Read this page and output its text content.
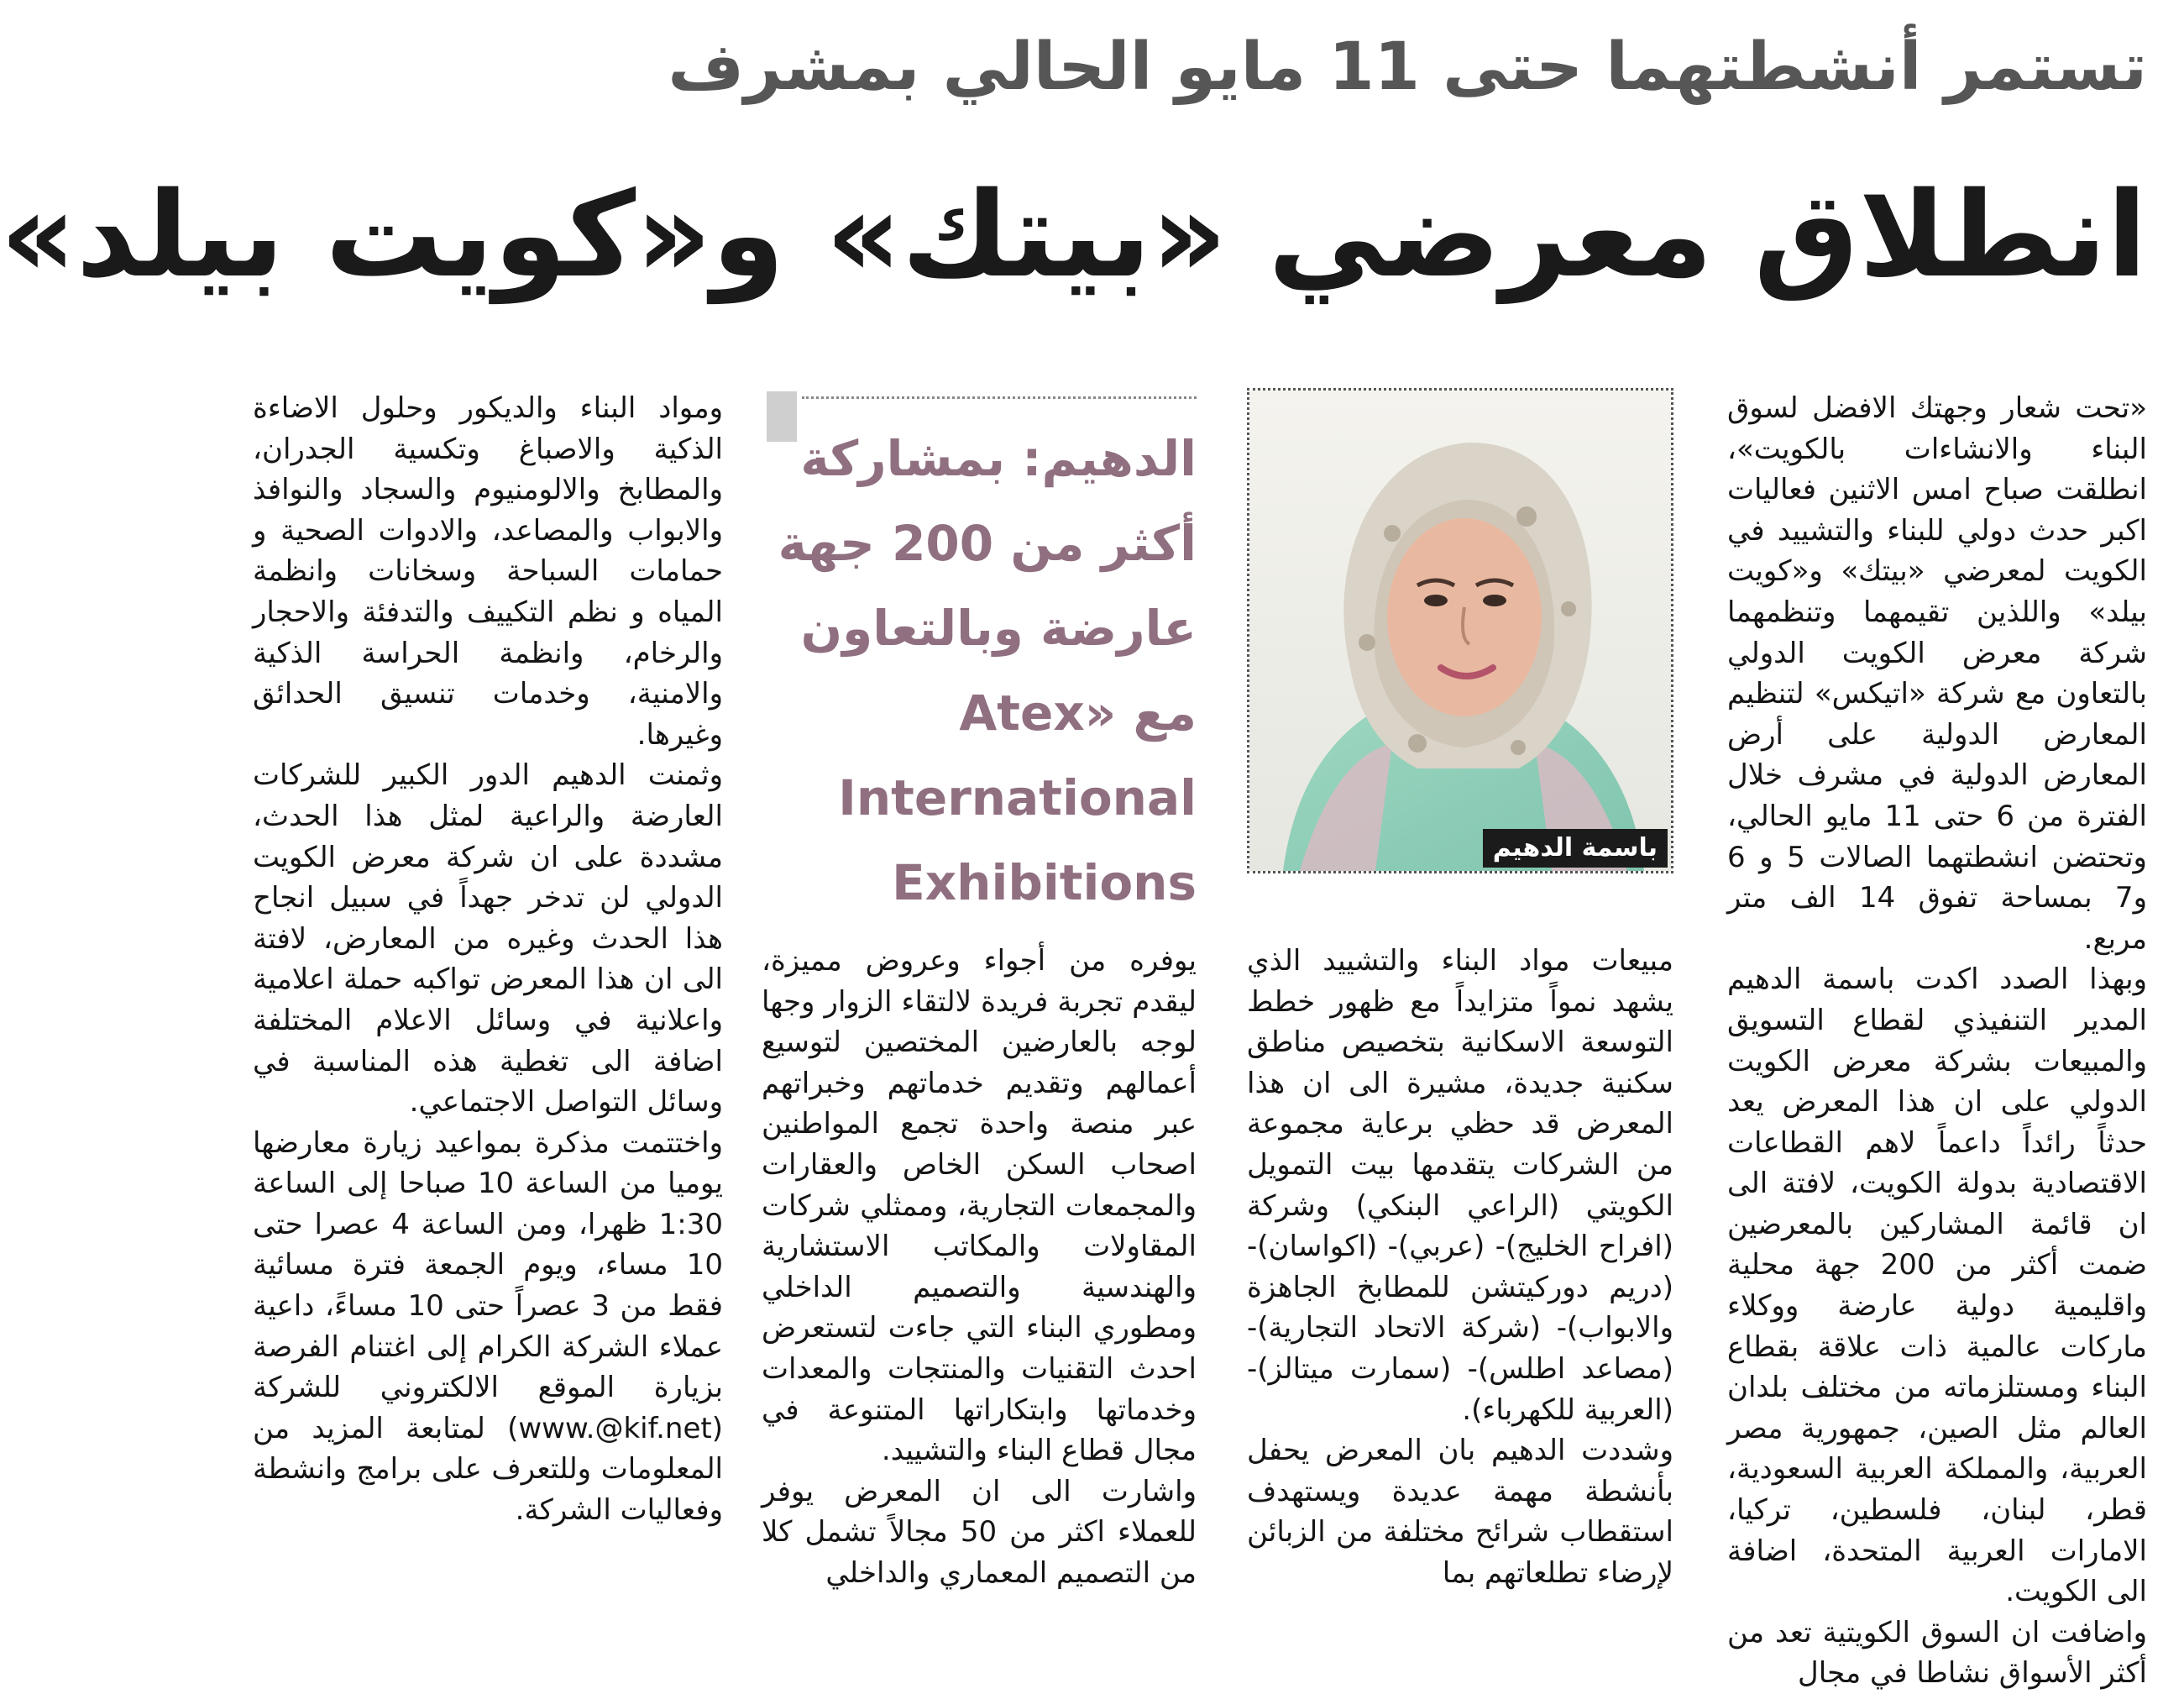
تستمر أنشطتهما حتى 11 مايو الحالي بمشرف
انطلاق معرضي «بيتك» و«كويت بيلد»

«تحت شعار وجهتك الافضل لسوق البناء والانشاءات بالكويت»، انطلقت صباح امس الاثنين فعاليات اكبر حدث دولي للبناء والتشييد في الكويت لمعرضي «بيتك» و«كويت بيلد» واللذين تقيمهما وتنظمهما شركة معرض الكويت الدولي بالتعاون مع شركة «اتيكس» لتنظيم المعارض الدولية على أرض المعارض الدولية في مشرف خلال الفترة من 6 حتى 11 مايو الحالي، وتحتضن انشطتهما الصالات 5 و 6 و7 بمساحة تفوق 14 الف متر مربع.

وبهذا الصدد اكدت باسمة الدهيم المدير التنفيذي لقطاع التسويق والمبيعات بشركة معرض الكويت الدولي على ان هذا المعرض يعد حدثاً رائداً داعماً لاهم القطاعات الاقتصادية بدولة الكويت، لافتة الى ان قائمة المشاركين بالمعرضين ضمت أكثر من 200 جهة محلية واقليمية دولية عارضة ووكلاء ماركات عالمية ذات علاقة بقطاع البناء ومستلزماته من مختلف بلدان العالم مثل الصين، جمهورية مصر العربية، والمملكة العربية السعودية، قطر، لبنان، فلسطين، تركيا، الامارات العربية المتحدة، اضافة الى الكويت.

واضافت ان السوق الكويتية تعد من أكثر الأسواق نشاطا في مجال

باسمة الدهيم
الدهيم: بمشاركة
أكثر من 200 جهة
عارضة وبالتعاون
مع «Atex
International
Exhibitions

مبيعات مواد البناء والتشييد الذي يشهد نمواً متزايداً مع ظهور خطط التوسعة الاسكانية بتخصيص مناطق سكنية جديدة، مشيرة الى ان هذا المعرض قد حظي برعاية مجموعة من الشركات يتقدمها بيت التمويل الكويتي (الراعي البنكي) وشركة (افراح الخليج)- (عربي)- (اكواسان)-(دريم دوركيتشن للمطابخ الجاهزة والابواب)- (شركة الاتحاد التجارية)-(مصاعد اطلس)- (سمارت ميتالز)- (العربية للكهرباء).

وشددت الدهيم بان المعرض يحفل بأنشطة مهمة عديدة ويستهدف استقطاب شرائح مختلفة من الزبائن لإرضاء تطلعاتهم بما

يوفره من أجواء وعروض مميزة، ليقدم تجربة فريدة لالتقاء الزوار وجها لوجه بالعارضين المختصين لتوسيع أعمالهم وتقديم خدماتهم وخبراتهم عبر منصة واحدة تجمع المواطنين اصحاب السكن الخاص والعقارات والمجمعات التجارية، وممثلي شركات المقاولات والمكاتب الاستشارية والهندسية والتصميم الداخلي ومطوري البناء التي جاءت لتستعرض احدث التقنيات والمنتجات والمعدات وخدماتها وابتكاراتها المتنوعة في مجال قطاع البناء والتشييد.

واشارت الى ان المعرض يوفر للعملاء اكثر من 50 مجالاً تشمل كلا من التصميم المعماري والداخلي

ومواد البناء والديكور وحلول الاضاءة الذكية والاصباغ وتكسية الجدران، والمطابخ والالومنيوم والسجاد والنوافذ والابواب والمصاعد، والادوات الصحية و حمامات السباحة وسخانات وانظمة المياه و نظم التكييف والتدفئة والاحجار والرخام، وانظمة الحراسة الذكية والامنية، وخدمات تنسيق الحدائق وغيرها.

وثمنت الدهيم الدور الكبير للشركات العارضة والراعية لمثل هذا الحدث، مشددة على ان شركة معرض الكويت الدولي لن تدخر جهداً في سبيل انجاح هذا الحدث وغيره من المعارض، لافتة الى ان هذا المعرض تواكبه حملة اعلامية واعلانية في وسائل الاعلام المختلفة اضافة الى تغطية هذه المناسبة في وسائل التواصل الاجتماعي.

واختتمت مذكرة بمواعيد زيارة معارضها يوميا من الساعة 10 صباحا إلى الساعة 1:30 ظهرا، ومن الساعة 4 عصرا حتى 10 مساء، ويوم الجمعة فترة مسائية فقط من 3 عصراً حتى 10 مساءً، داعية عملاء الشركة الكرام إلى اغتنام الفرصة بزيارة الموقع الالكتروني للشركة (www.@kif.net) لمتابعة المزيد من المعلومات وللتعرف على برامج وانشطة وفعاليات الشركة.
